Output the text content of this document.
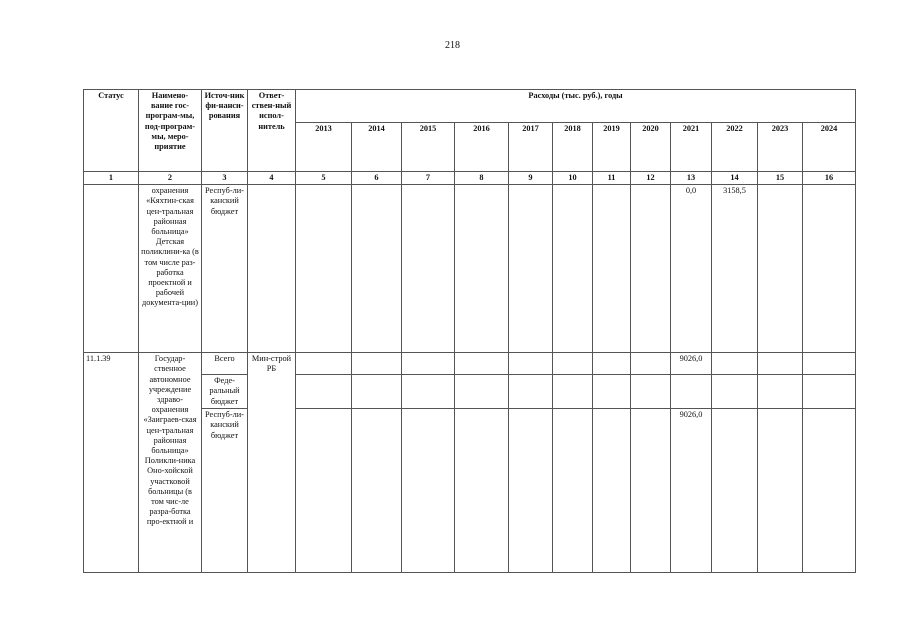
218
Статус	Наимено-вание гос-програм-мы, под-програм-мы, меро-приятие	Источ-ник фи-нанси-рования	Ответ-ствен-ный испол-нитель	Расходы (тыс. руб.), годы											
				2013	2014	2015	2016	2017	2018	2019	2020	2021	2022	2023	2024
1	2	3	4	5	6	7	8	9	10	11	12	13	14	15	16
	охранения «Кяхтин-ская цен-тральная районная больница» Детская поликлини-ка (в том числе раз-работка проектной и рабочей документа-ции)	Респуб-ли-канский бюджет										0,0	3158,5		
11.1.39	Государ-ственное автономное учреждение здраво-охранения «Заиграев-ская цен-тральная районная больница» Поликли-ника Оно-хойской участковой больницы (в том чис-ле разра-ботка про-ектной и	Всего	Мин-строй РБ									9026,0			
		Феде-ральный бюджет													
		Респуб-ли-канский бюджет										9026,0			
